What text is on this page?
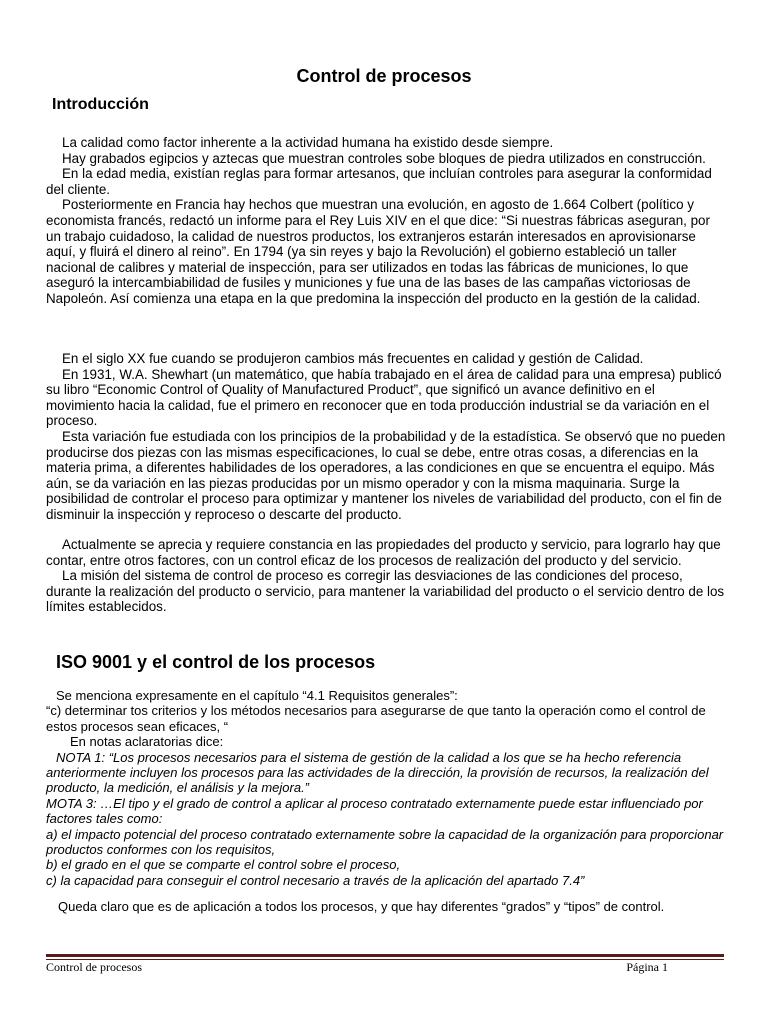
Control de procesos
Introducción

La calidad como factor inherente a la actividad humana ha existido desde siempre.

Hay grabados egipcios y aztecas que muestran controles sobe bloques de piedra utilizados en construcción.

En la edad media, existían reglas para formar artesanos, que incluían controles para asegurar la conformidad del cliente.

Posteriormente en Francia hay hechos que muestran una evolución, en agosto de 1.664 Colbert (político y economista francés, redactó un informe para el Rey Luis XIV en el que dice: “Si nuestras fábricas aseguran, por un trabajo cuidadoso, la calidad de nuestros productos, los extranjeros estarán interesados en aprovisionarse aquí, y fluirá el dinero al reino”. En 1794 (ya sin reyes y bajo la Revolución) el gobierno estableció un taller nacional de calibres y material de inspección, para ser utilizados en todas las fábricas de municiones, lo que aseguró la intercambiabilidad de fusiles y municiones y fue una de las bases de las campañas victoriosas de Napoleón. Así comienza una etapa en la que predomina la inspección del producto en la gestión de la calidad.

En el siglo XX fue cuando se produjeron cambios más frecuentes en calidad y gestión de Calidad.

En 1931, W.A. Shewhart (un matemático, que había trabajado en el área de calidad para una empresa) publicó su libro “Economic Control of Quality of Manufactured Product”, que significó un avance definitivo en el movimiento hacia la calidad, fue el primero en reconocer que en toda producción industrial se da variación en el proceso.

Esta variación fue estudiada con los principios de la probabilidad y de la estadística. Se observó que no pueden producirse dos piezas con las mismas especificaciones, lo cual se debe, entre otras cosas, a diferencias en la materia prima, a diferentes habilidades de los operadores, a las condiciones en que se encuentra el equipo. Más aún, se da variación en las piezas producidas por un mismo operador y con la misma maquinaria. Surge la posibilidad de controlar el proceso para optimizar y mantener los niveles de variabilidad del producto, con el fin de disminuir la inspección y reproceso o descarte del producto.

Actualmente se aprecia y requiere constancia en las propiedades del producto y servicio, para lograrlo hay que contar, entre otros factores, con un control eficaz de los procesos de realización del producto y del servicio.

La misión del sistema de control de proceso es corregir las desviaciones de las condiciones del proceso, durante la realización del producto o servicio, para mantener la variabilidad del producto o el servicio dentro de los límites establecidos.

ISO 9001 y el control de los procesos

Se menciona expresamente en el capítulo “4.1 Requisitos generales”:

“c) determinar tos criterios y los métodos necesarios para asegurarse de que tanto la operación como el control de estos procesos sean eficaces, “

En notas aclaratorias dice:

NOTA 1: “Los procesos necesarios para el sistema de gestión de la calidad a los que se ha hecho referencia anteriormente incluyen los procesos para las actividades de la dirección, la provisión de recursos, la realización del producto, la medición, el análisis y la mejora.”

MOTA 3: …El tipo y el grado de control a aplicar al proceso contratado externamente puede estar influenciado por factores tales como:

a) el impacto potencial del proceso contratado externamente sobre la capacidad de la organización para proporcionar productos conformes con los requisitos,

b) el grado en el que se comparte el control sobre el proceso,

c) la capacidad para conseguir el control necesario a través de la aplicación del apartado 7.4”

Queda claro que es de aplicación a todos los procesos, y que hay diferentes “grados” y “tipos” de control.

Control de procesos	Página 1
